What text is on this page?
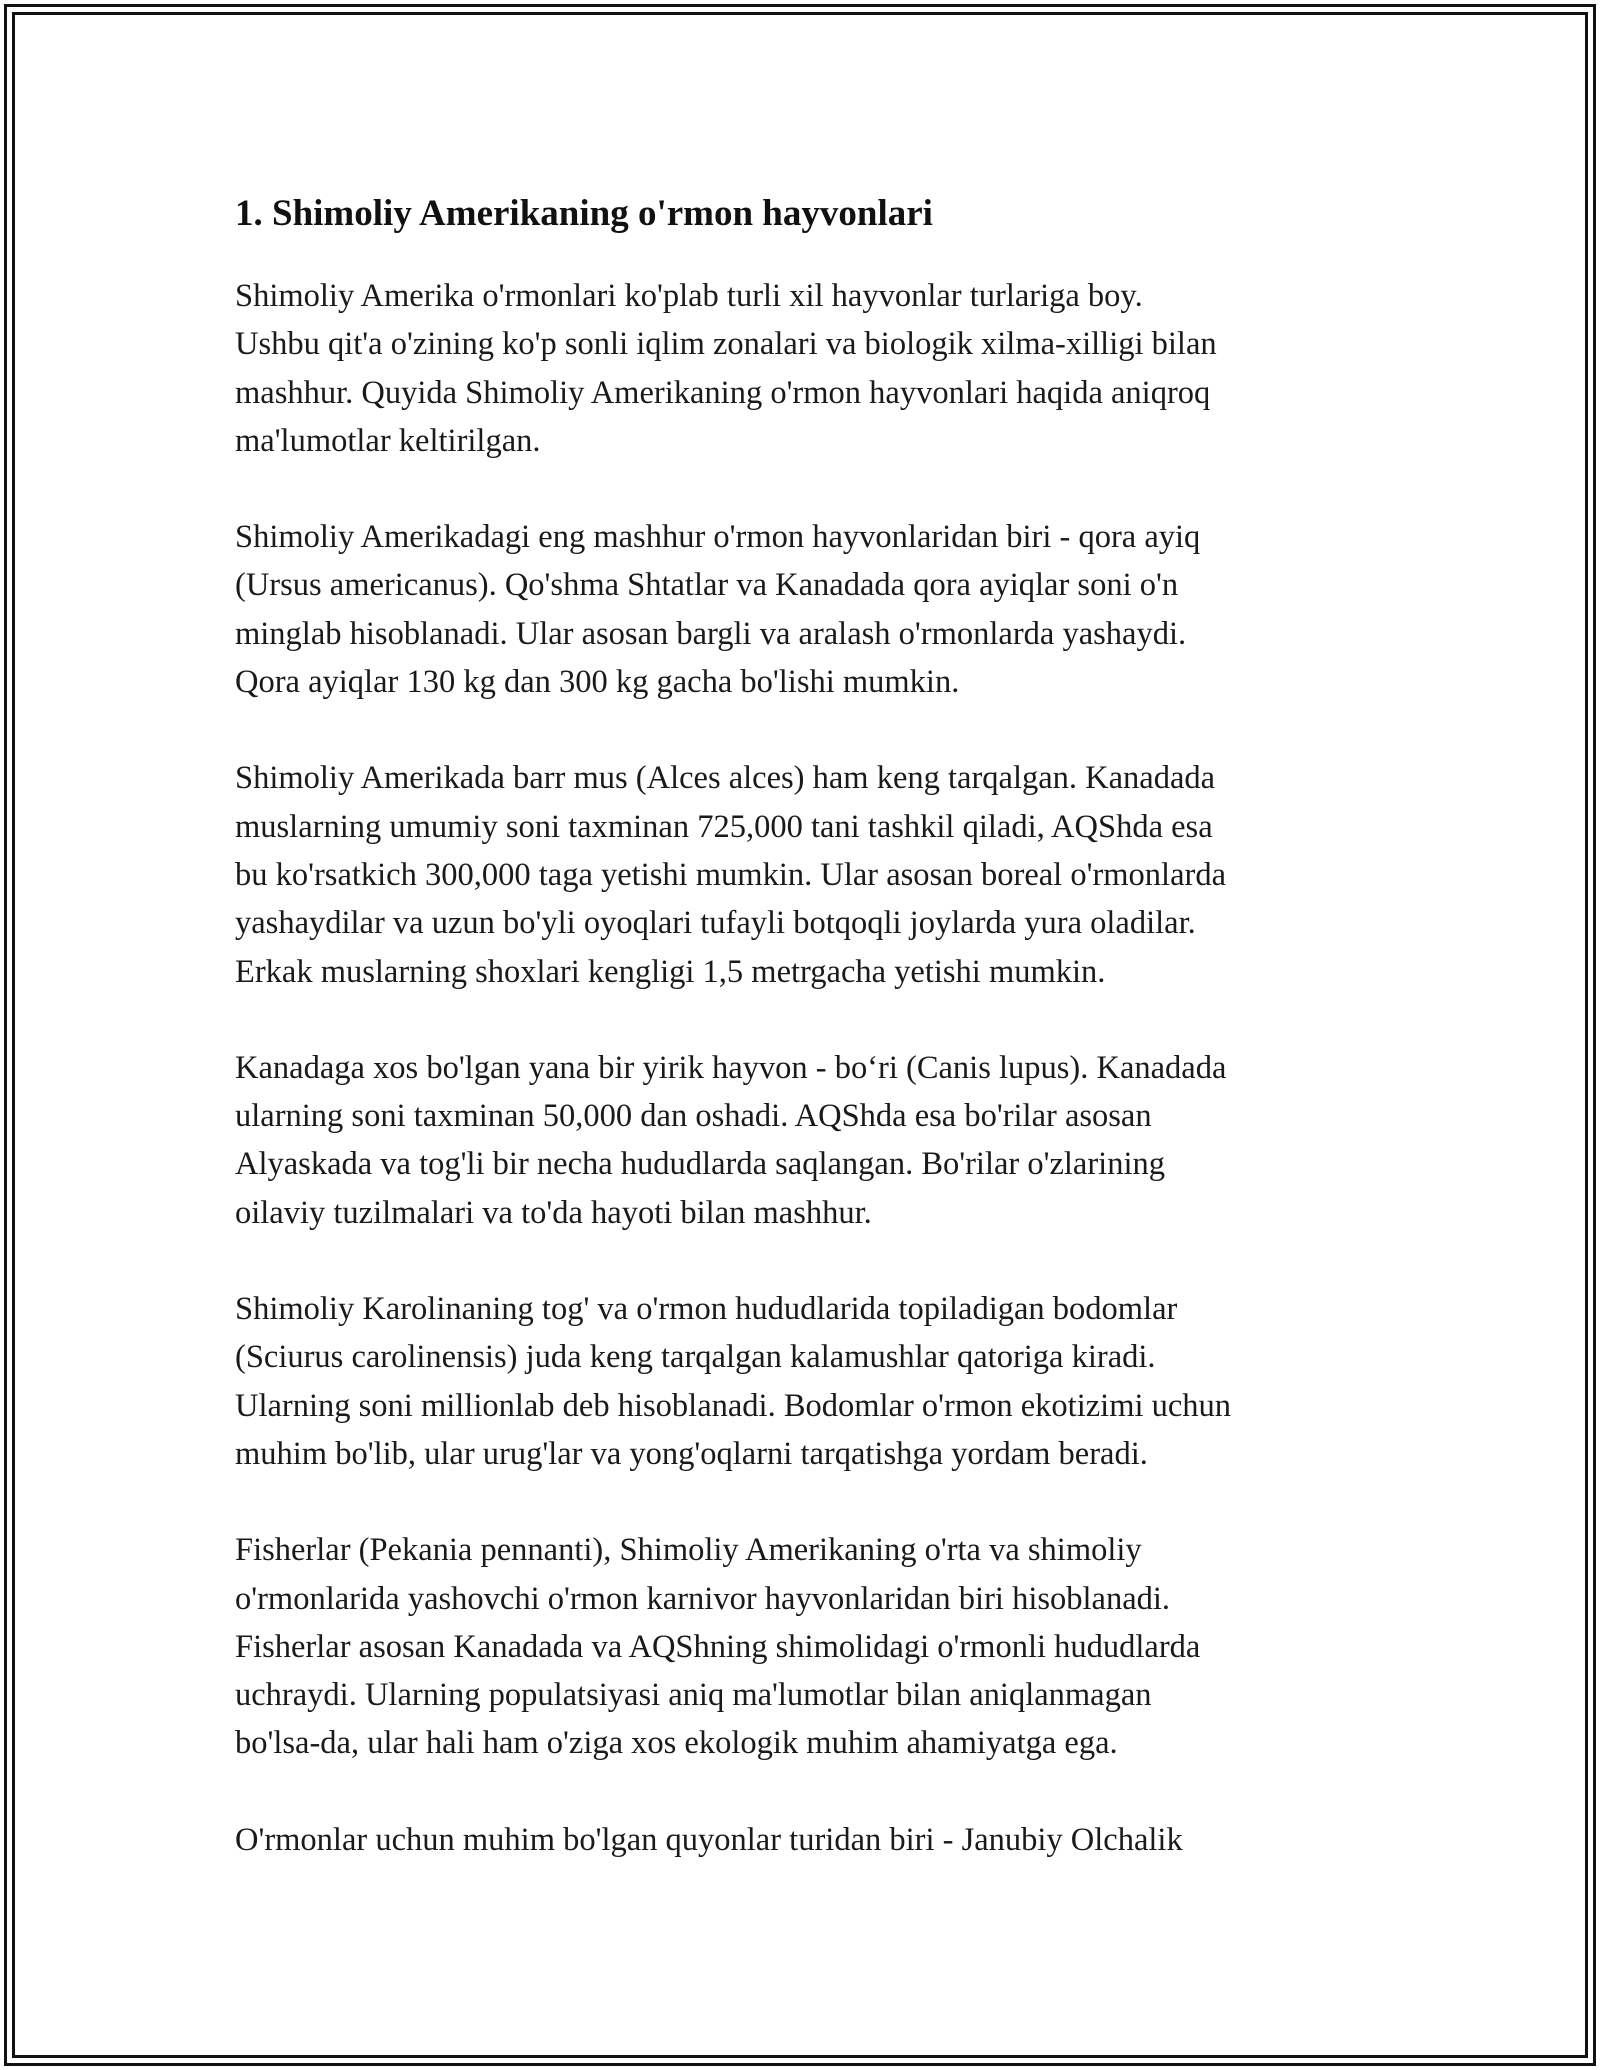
1. Shimoliy Amerikaning o'rmon hayvonlari
Shimoliy Amerika o'rmonlari ko'plab turli xil hayvonlar turlariga boy.
Ushbu qit'a o'zining ko'p sonli iqlim zonalari va biologik xilma-xilligi bilan
mashhur. Quyida Shimoliy Amerikaning o'rmon hayvonlari haqida aniqroq
ma'lumotlar keltirilgan.
Shimoliy Amerikadagi eng mashhur o'rmon hayvonlaridan biri - qora ayiq
(Ursus americanus). Qo'shma Shtatlar va Kanadada qora ayiqlar soni o'n
minglab hisoblanadi. Ular asosan bargli va aralash o'rmonlarda yashaydi.
Qora ayiqlar 130 kg dan 300 kg gacha bo'lishi mumkin.
Shimoliy Amerikada barr mus (Alces alces) ham keng tarqalgan. Kanadada
muslarning umumiy soni taxminan 725,000 tani tashkil qiladi, AQShda esa
bu ko'rsatkich 300,000 taga yetishi mumkin. Ular asosan boreal o'rmonlarda
yashaydilar va uzun bo'yli oyoqlari tufayli botqoqli joylarda yura oladilar.
Erkak muslarning shoxlari kengligi 1,5 metrgacha yetishi mumkin.
Kanadaga xos bo'lgan yana bir yirik hayvon - bo‘ri (Canis lupus). Kanadada
ularning soni taxminan 50,000 dan oshadi. AQShda esa bo'rilar asosan
Alyaskada va tog'li bir necha hududlarda saqlangan. Bo'rilar o'zlarining
oilaviy tuzilmalari va to'da hayoti bilan mashhur.
Shimoliy Karolinaning tog' va o'rmon hududlarida topiladigan bodomlar
(Sciurus carolinensis) juda keng tarqalgan kalamushlar qatoriga kiradi.
Ularning soni millionlab deb hisoblanadi. Bodomlar o'rmon ekotizimi uchun
muhim bo'lib, ular urug'lar va yong'oqlarni tarqatishga yordam beradi.
Fisherlar (Pekania pennanti), Shimoliy Amerikaning o'rta va shimoliy
o'rmonlarida yashovchi o'rmon karnivor hayvonlaridan biri hisoblanadi.
Fisherlar asosan Kanadada va AQShning shimolidagi o'rmonli hududlarda
uchraydi. Ularning populatsiyasi aniq ma'lumotlar bilan aniqlanmagan
bo'lsa-da, ular hali ham o'ziga xos ekologik muhim ahamiyatga ega.
O'rmonlar uchun muhim bo'lgan quyonlar turidan biri - Janubiy Olchalik
